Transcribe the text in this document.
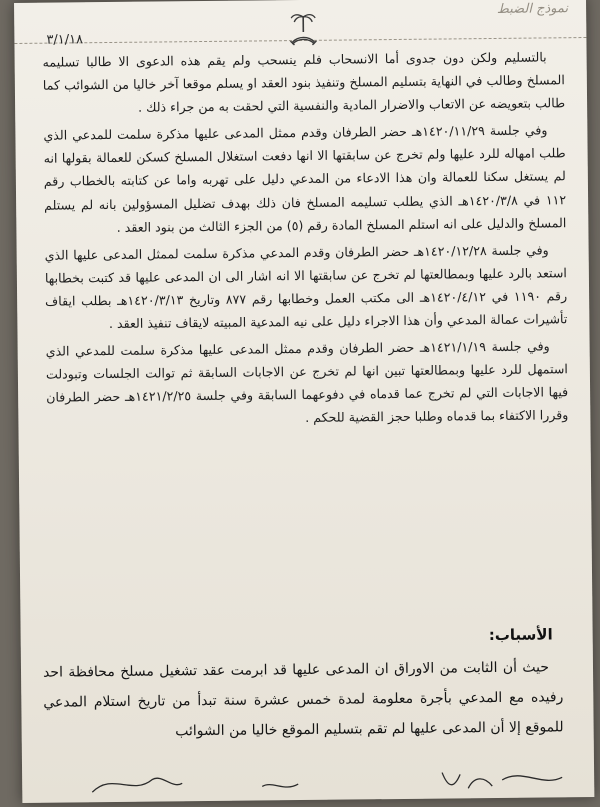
نموذج الضبط
٣/١/١٨

بالتسليم ولكن دون جدوى أما الانسحاب فلم ينسحب ولم يقم هذه الدعوى الا طالبا تسليمه المسلخ وطالب في النهاية بتسليم المسلخ وتنفيذ بنود العقد او يسلم موقعا آخر خاليا من الشوائب كما طالب بتعويضه عن الاتعاب والاضرار المادية والنفسية التي لحقت به من جراء ذلك .

وفي جلسة ١٤٢٠/١١/٢٩هـ حضر الطرفان وقدم ممثل المدعى عليها مذكرة سلمت للمدعي الذي طلب امهاله للرد عليها ولم تخرج عن سابقتها الا انها دفعت استغلال المسلخ كسكن للعمالة بقولها انه لم يستغل سكنا للعمالة وان هذا الادعاء من المدعي دليل على تهربه واما عن كتابته بالخطاب رقم ١١٢ في ١٤٢٠/٣/٨هـ الذي يطلب تسليمه المسلخ فان ذلك بهدف تضليل المسؤولين بانه لم يستلم المسلخ والدليل على انه استلم المسلخ المادة رقم (٥) من الجزء الثالث من بنود العقد .

وفي جلسة ١٤٢٠/١٢/٢٨هـ حضر الطرفان وقدم المدعي مذكرة سلمت لممثل المدعى عليها الذي استعد بالرد عليها وبمطالعتها لم تخرج عن سابقتها الا انه اشار الى ان المدعى عليها قد كتبت بخطابها رقم ١١٩٠ في ١٤٢٠/٤/١٢هـ الى مكتب العمل وخطابها رقم ٨٧٧ وتاريخ ١٤٢٠/٣/١٣هـ بطلب ايقاف تأشيرات عمالة المدعي وأن هذا الاجراء دليل على نيه المدعية المبيته لايقاف تنفيذ العقد .

وفي جلسة ١٤٢١/١/١٩هـ حضر الطرفان وقدم ممثل المدعى عليها مذكرة سلمت للمدعي الذي استمهل للرد عليها وبمطالعتها تبين انها لم تخرج عن الاجابات السابقة ثم توالت الجلسات وتبودلت فيها الاجابات التي لم تخرج عما قدماه في دفوعهما السابقة وفي جلسة ١٤٢١/٢/٢٥هـ حضر الطرفان وقررا الاكتفاء بما قدماه وطلبا حجز القضية للحكم .

الأسباب:

حيث أن الثابت من الاوراق ان المدعى عليها قد ابرمت عقد تشغيل مسلخ محافظة احد رفيده مع المدعي بأجرة معلومة لمدة خمس عشرة سنة تبدأ من تاريخ استلام المدعي للموقع إلا أن المدعى عليها لم تقم بتسليم الموقع خاليا من الشوائب
